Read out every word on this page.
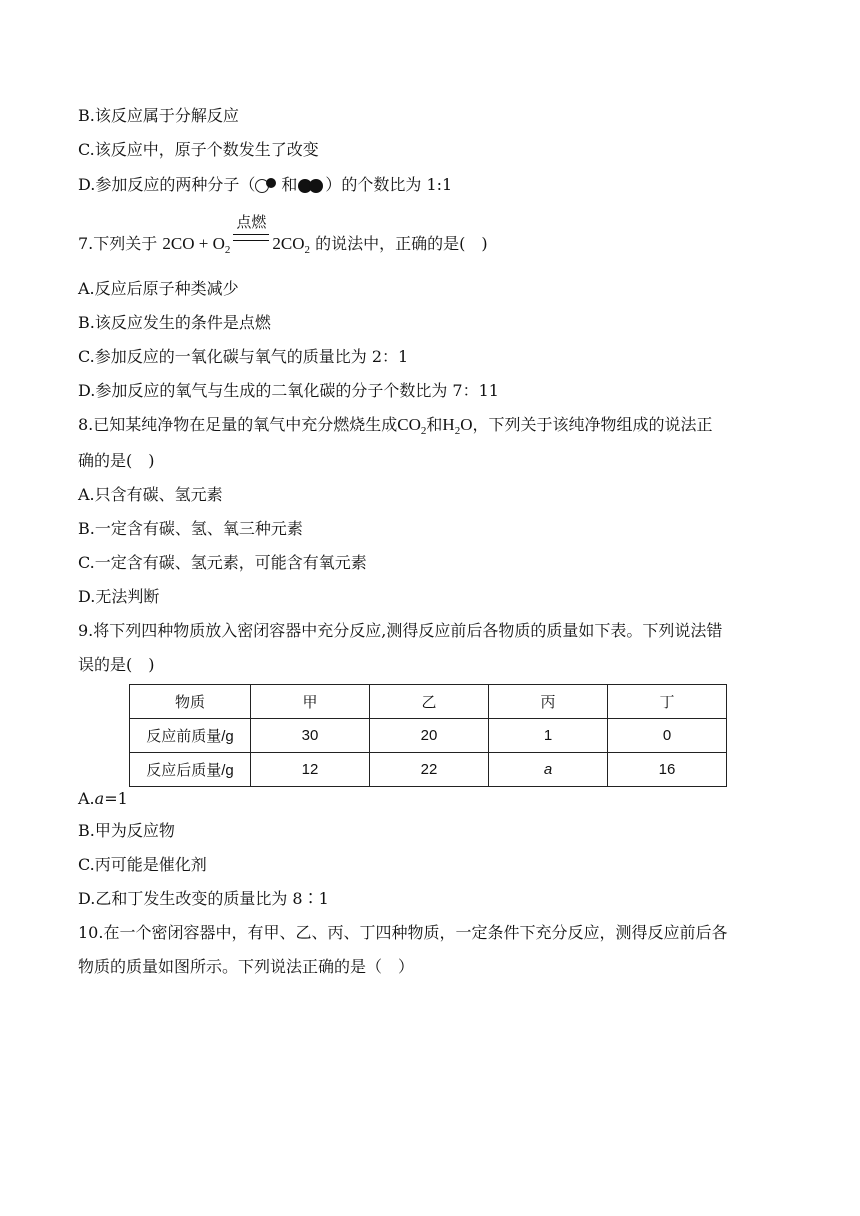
B.该反应属于分解反应
C.该反应中，原子个数发生了改变
D.参加反应的两种分子（ 和 ）的个数比为 1:1
7.下列关于 $2CO + O_2$
点燃
$2CO_2$ 的说法中，正确的是(　)
A.反应后原子种类减少
B.该反应发生的条件是点燃
C.参加反应的一氧化碳与氧气的质量比为 2：1
D.参加反应的氧气与生成的二氧化碳的分子个数比为 7：11
8.已知某纯净物在足量的氧气中充分燃烧生成$CO_2$和$H_2O$，下列关于该纯净物组成的说法正
确的是(　)
A.只含有碳、氢元素
B.一定含有碳、氢、氧三种元素
C.一定含有碳、氢元素，可能含有氧元素
D.无法判断
9.将下列四种物质放入密闭容器中充分反应,测得反应前后各物质的质量如下表。下列说法错
误的是(　)
物质	甲	乙	丙	丁
反应前质量/g	30	20	1	0
反应后质量/g	12	22	a	16
A.a=1
B.甲为反应物
C.丙可能是催化剂
D.乙和丁发生改变的质量比为 8∶1
10.在一个密闭容器中，有甲、乙、丙、丁四种物质，一定条件下充分反应，测得反应前后各
物质的质量如图所示。下列说法正确的是（　）
